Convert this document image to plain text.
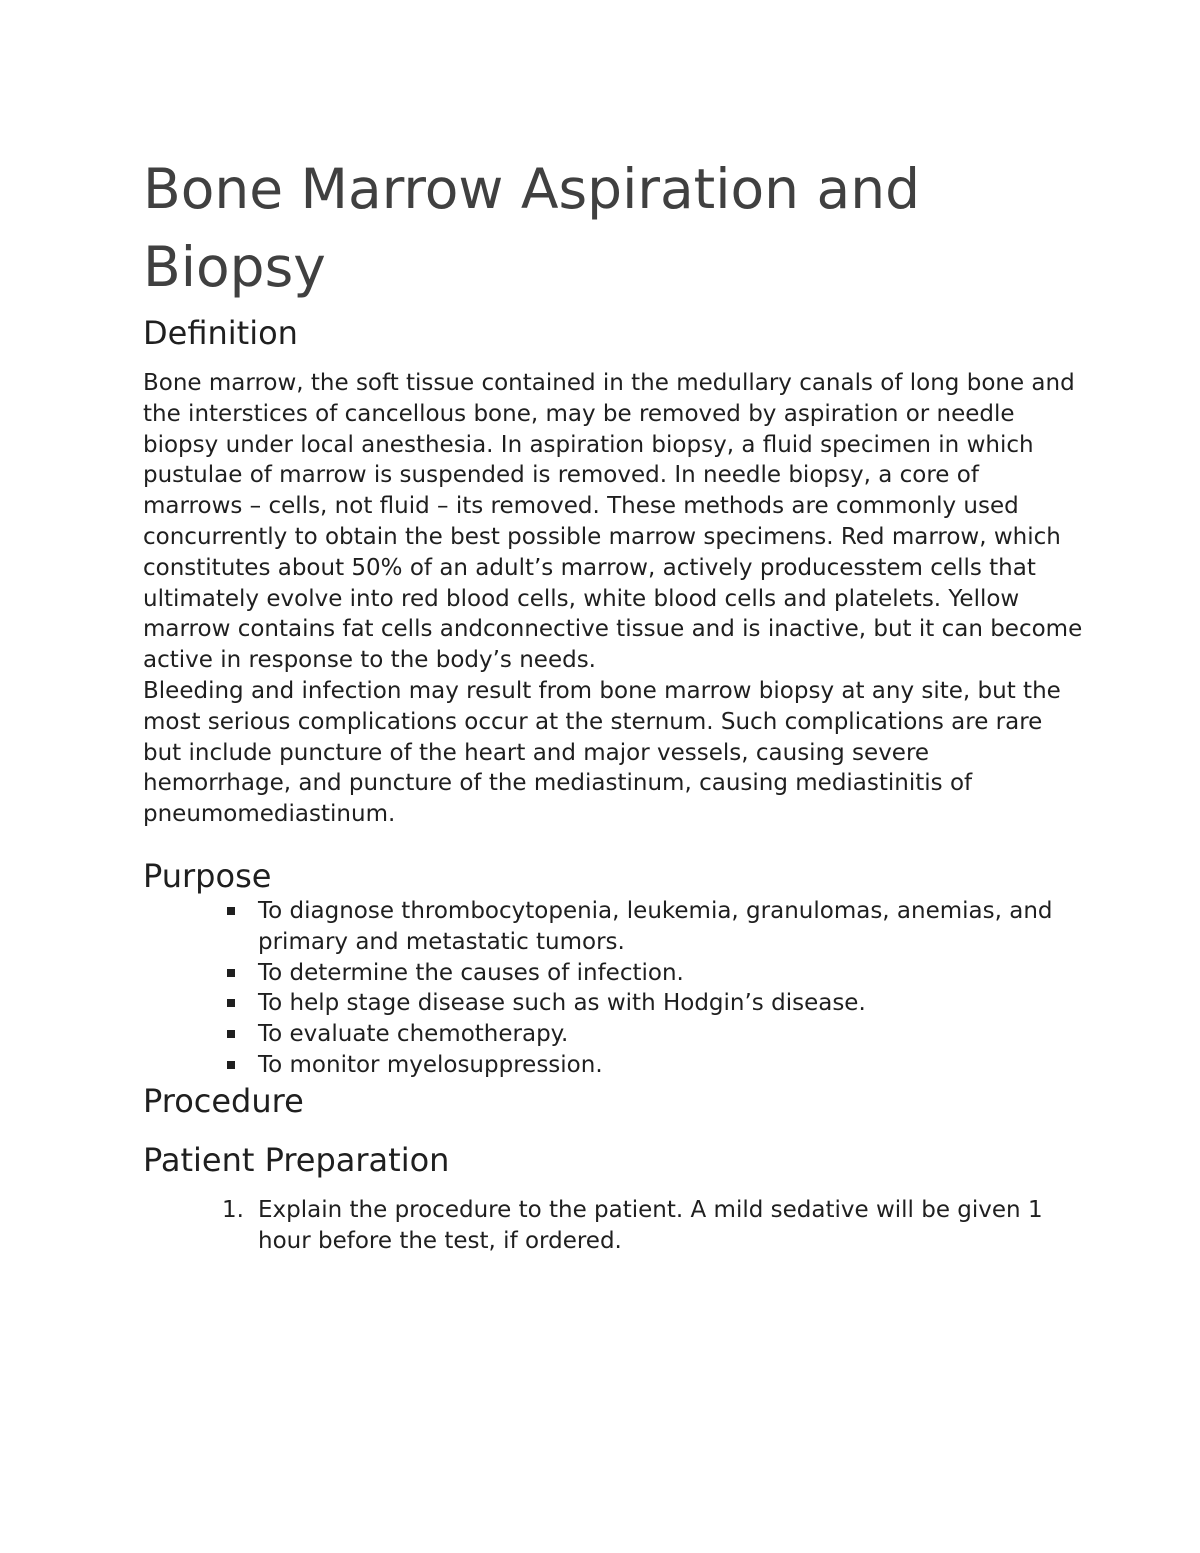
Bone Marrow Aspiration and Biopsy
Definition

Bone marrow, the soft tissue contained in the medullary canals of long bone and the interstices of cancellous bone, may be removed by aspiration or needle biopsy under local anesthesia. In aspiration biopsy, a fluid specimen in which pustulae of marrow is suspended is removed. In needle biopsy, a core of marrows – cells, not fluid – its removed. These methods are commonly used concurrently to obtain the best possible marrow specimens. Red marrow, which constitutes about 50% of an adult’s marrow, actively producesstem cells that ultimately evolve into red blood cells, white blood cells and platelets. Yellow marrow contains fat cells andconnective tissue and is inactive, but it can become active in response to the body’s needs.

Bleeding and infection may result from bone marrow biopsy at any site, but the most serious complications occur at the sternum. Such complications are rare but include puncture of the heart and major vessels, causing severe hemorrhage, and puncture of the mediastinum, causing mediastinitis of pneumomediastinum.

Purpose
To diagnose thrombocytopenia, leukemia, granulomas, anemias, and primary and metastatic tumors.
To determine the causes of infection.
To help stage disease such as with Hodgin’s disease.
To evaluate chemotherapy.
To monitor myelosuppression.
Procedure
Patient Preparation
1. Explain the procedure to the patient. A mild sedative will be given 1 hour before the test, if ordered.
